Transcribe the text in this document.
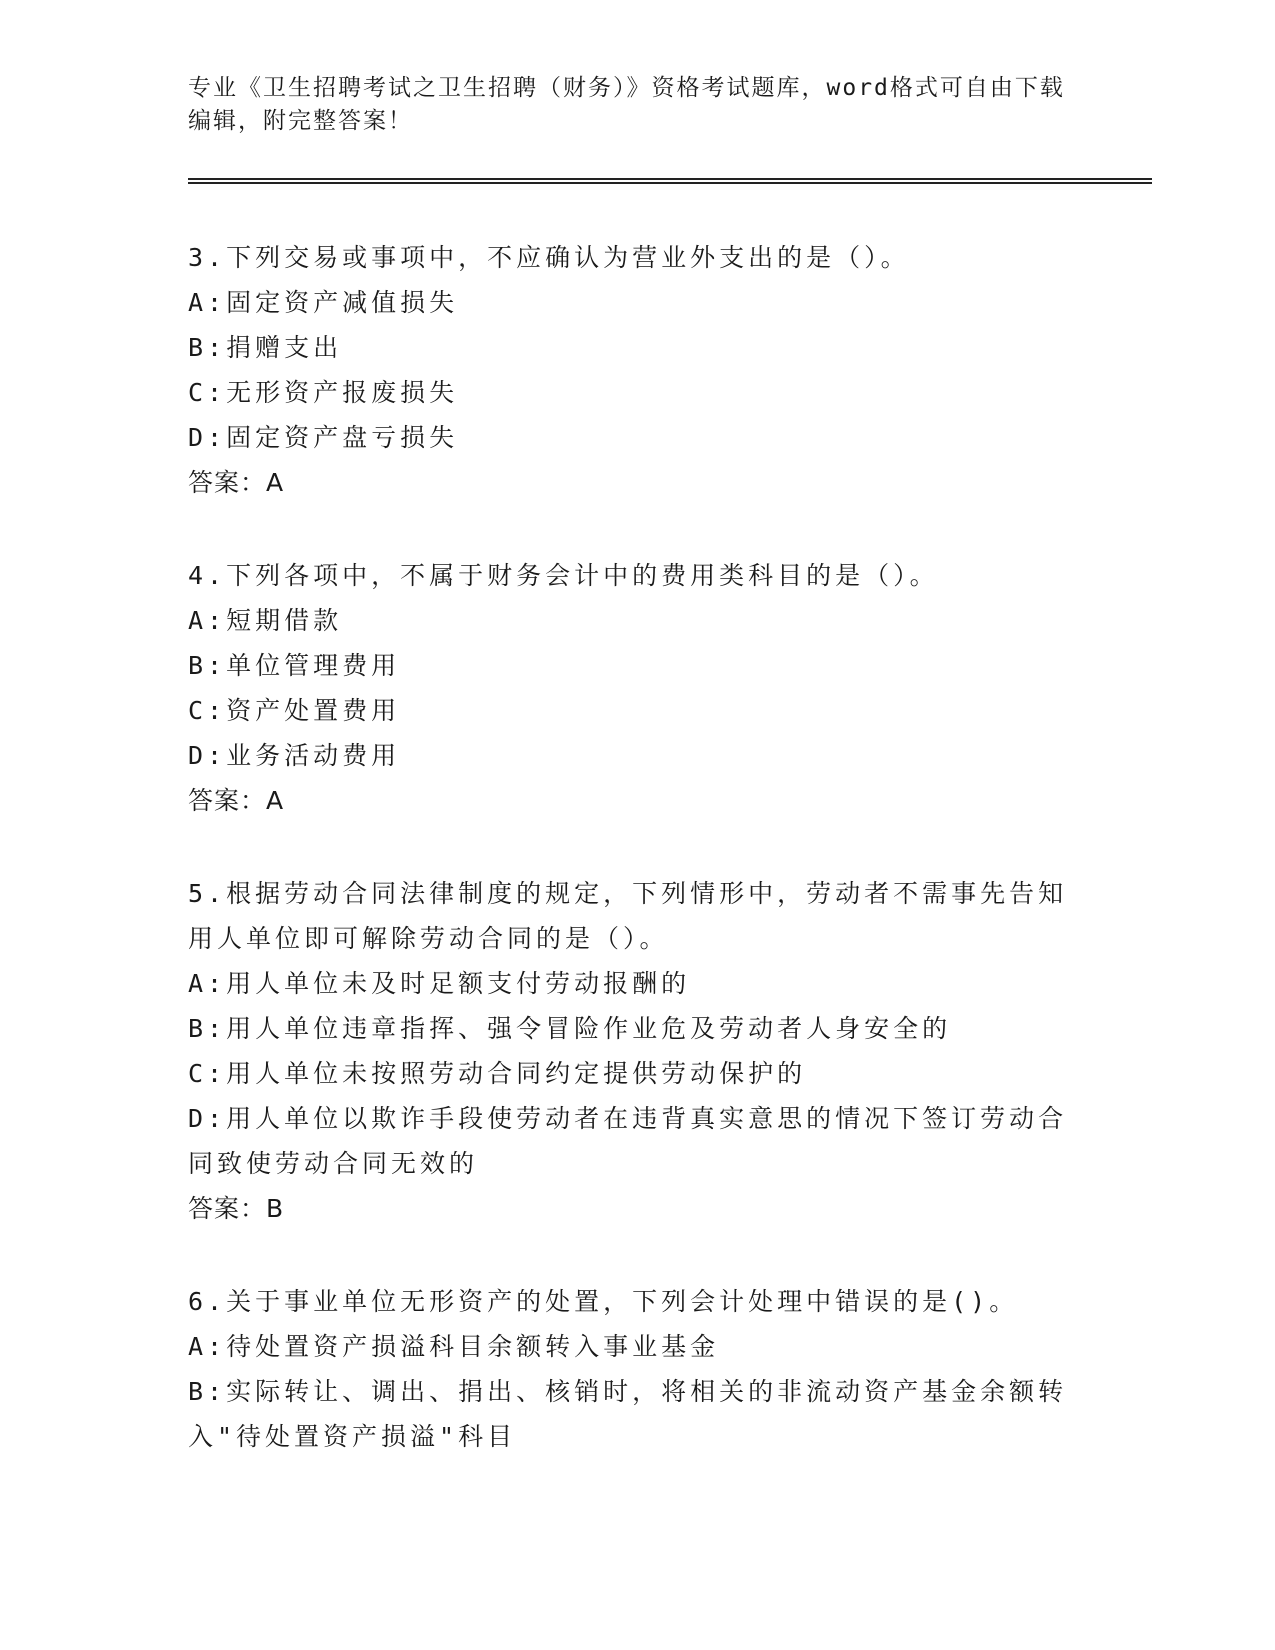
专业《卫生招聘考试之卫生招聘（财务）》资格考试题库，word格式可自由下载编辑，附完整答案！

3.下列交易或事项中，不应确认为营业外支出的是（）。

A:固定资产减值损失

B:捐赠支出

C:无形资产报废损失

D:固定资产盘亏损失

答案：A

4.下列各项中，不属于财务会计中的费用类科目的是（）。

A:短期借款

B:单位管理费用

C:资产处置费用

D:业务活动费用

答案：A

5.根据劳动合同法律制度的规定，下列情形中，劳动者不需事先告知用人单位即可解除劳动合同的是（）。

A:用人单位未及时足额支付劳动报酬的

B:用人单位违章指挥、强令冒险作业危及劳动者人身安全的

C:用人单位未按照劳动合同约定提供劳动保护的

D:用人单位以欺诈手段使劳动者在违背真实意思的情况下签订劳动合同致使劳动合同无效的

答案：B

6.关于事业单位无形资产的处置，下列会计处理中错误的是()。

A:待处置资产损溢科目余额转入事业基金

B:实际转让、调出、捐出、核销时，将相关的非流动资产基金余额转入"待处置资产损溢"科目
